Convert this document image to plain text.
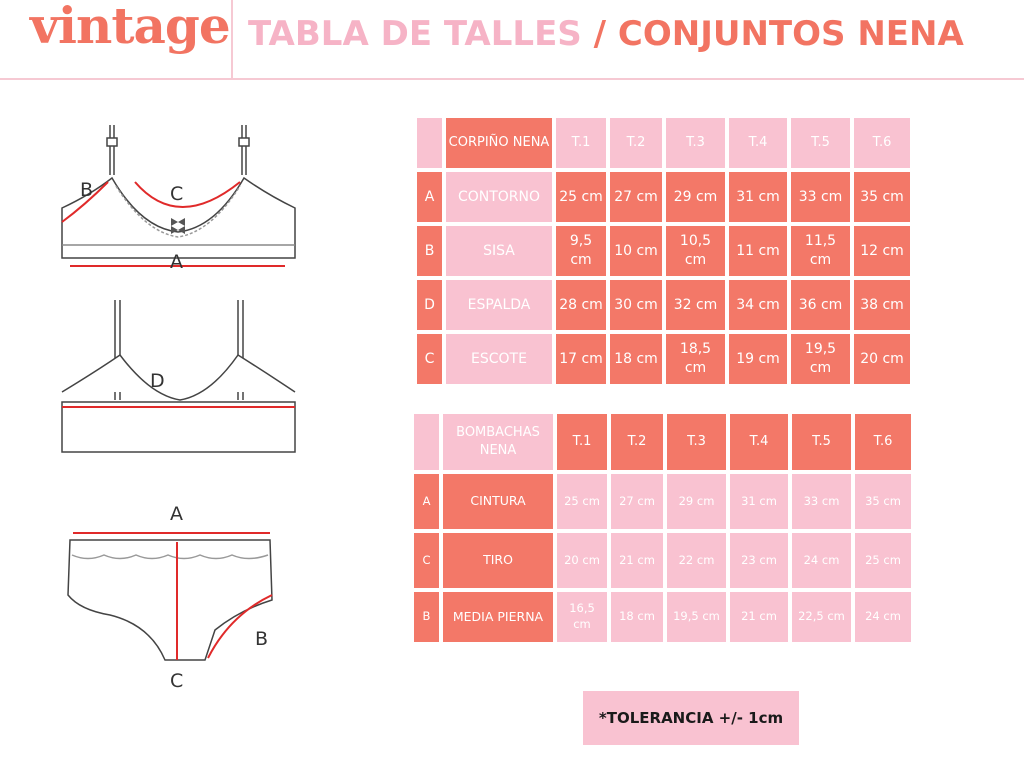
vintage TABLA DE TALLES / CONJUNTOS NENA
B	C
A
D
A
B
C
	CORPIÑO NENA	T.1	T.2	T.3	T.4	T.5	T.6
A	CONTORNO	25 cm	27 cm	29 cm	31 cm	33 cm	35 cm
B	SISA	9,5 cm	10 cm	10,5 cm	11 cm	11,5 cm	12 cm
D	ESPALDA	28 cm	30 cm	32 cm	34 cm	36 cm	38 cm
C	ESCOTE	17 cm	18 cm	18,5 cm	19 cm	19,5 cm	20 cm
	BOMBACHAS NENA	T.1	T.2	T.3	T.4	T.5	T.6
A	CINTURA	25 cm	27 cm	29 cm	31 cm	33 cm	35 cm
C	TIRO	20 cm	21 cm	22 cm	23 cm	24 cm	25 cm
B	MEDIA PIERNA	16,5 cm	18 cm	19,5 cm	21 cm	22,5 cm	24 cm
*TOLERANCIA +/- 1cm
